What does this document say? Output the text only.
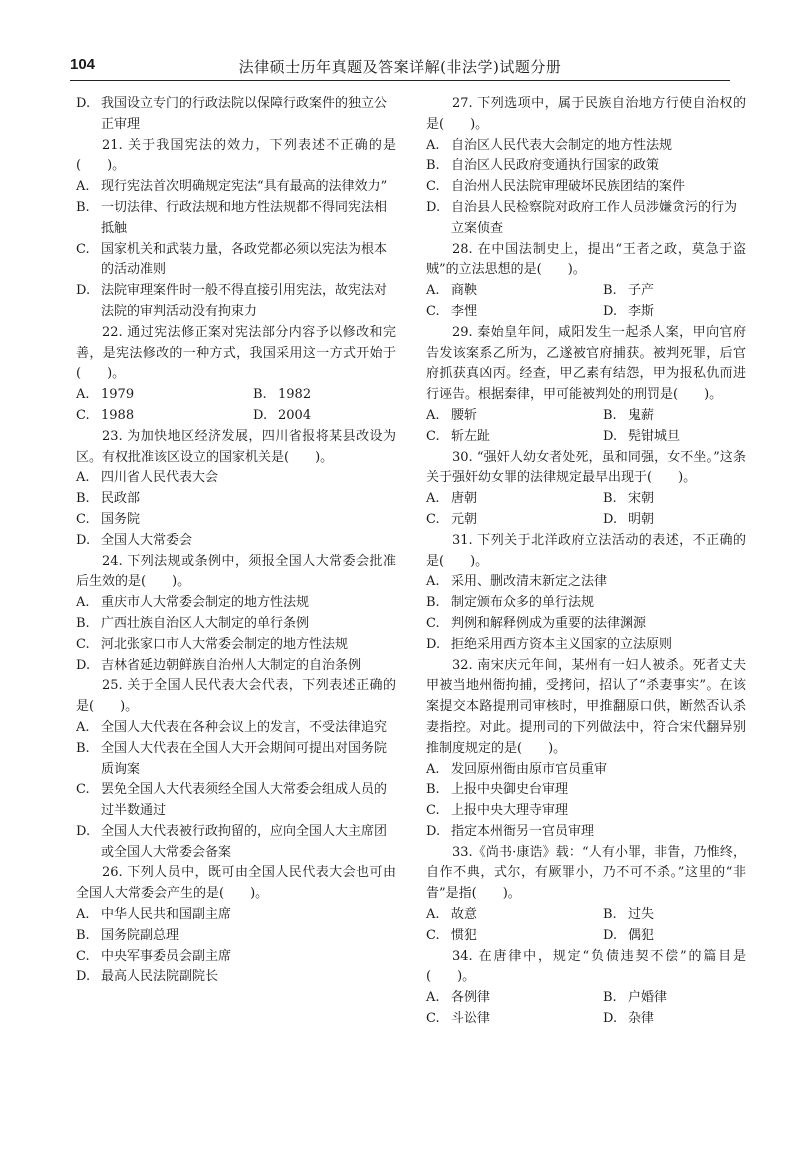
104	法律硕士历年真题及答案详解(非法学)试题分册

D. 我国设立专门的行政法院以保障行政案件的独立公正审理

21. 关于我国宪法的效力，下列表述不正确的是(　　)。

A. 现行宪法首次明确规定宪法“具有最高的法律效力”

B. 一切法律、行政法规和地方性法规都不得同宪法相抵触

C. 国家机关和武装力量，各政党都必须以宪法为根本的活动准则

D. 法院审理案件时一般不得直接引用宪法，故宪法对法院的审判活动没有拘束力

22. 通过宪法修正案对宪法部分内容予以修改和完善，是宪法修改的一种方式，我国采用这一方式开始于(　　)。

A. 1979	B. 1982

C. 1988	D. 2004

23. 为加快地区经济发展，四川省报将某县改设为区。有权批准该区设立的国家机关是(　　)。

A. 四川省人民代表大会

B. 民政部

C. 国务院

D. 全国人大常委会

24. 下列法规或条例中，须报全国人大常委会批准后生效的是(　　)。

A. 重庆市人大常委会制定的地方性法规

B. 广西壮族自治区人大制定的单行条例

C. 河北张家口市人大常委会制定的地方性法规

D. 吉林省延边朝鲜族自治州人大制定的自治条例

25. 关于全国人民代表大会代表，下列表述正确的是(　　)。

A. 全国人大代表在各种会议上的发言，不受法律追究

B. 全国人大代表在全国人大开会期间可提出对国务院质询案

C. 罢免全国人大代表须经全国人大常委会组成人员的过半数通过

D. 全国人大代表被行政拘留的，应向全国人大主席团或全国人大常委会备案

26. 下列人员中，既可由全国人民代表大会也可由全国人大常委会产生的是(　　)。

A. 中华人民共和国副主席

B. 国务院副总理

C. 中央军事委员会副主席

D. 最高人民法院副院长

27. 下列选项中，属于民族自治地方行使自治权的是(　　)。

A. 自治区人民代表大会制定的地方性法规

B. 自治区人民政府变通执行国家的政策

C. 自治州人民法院审理破坏民族团结的案件

D. 自治县人民检察院对政府工作人员涉嫌贪污的行为立案侦查

28. 在中国法制史上，提出“王者之政，莫急于盗贼”的立法思想的是(　　)。

A. 商鞅	B. 子产

C. 李悝	D. 李斯

29. 秦始皇年间，咸阳发生一起杀人案，甲向官府告发该案系乙所为，乙遂被官府捕获。被判死罪，后官府抓获真凶丙。经查，甲乙素有结怨，甲为报私仇而进行诬告。根据秦律，甲可能被判处的刑罚是(　　)。

A. 腰斩	B. 鬼薪

C. 斩左趾	D. 髡钳城旦

30. “强奸人幼女者处死，虽和同强，女不坐。”这条关于强奸幼女罪的法律规定最早出现于(　　)。

A. 唐朝	B. 宋朝

C. 元朝	D. 明朝

31. 下列关于北洋政府立法活动的表述，不正确的是(　　)。

A. 采用、删改清末新定之法律

B. 制定颁布众多的单行法规

C. 判例和解释例成为重要的法律渊源

D. 拒绝采用西方资本主义国家的立法原则

32. 南宋庆元年间，某州有一妇人被杀。死者丈夫甲被当地州衙拘捕，受拷问，招认了“杀妻事实”。在该案提交本路提刑司审核时，甲推翻原口供，断然否认杀妻指控。对此。提刑司的下列做法中，符合宋代翻异别推制度规定的是(　　)。

A. 发回原州衙由原市官员重审

B. 上报中央御史台审理

C. 上报中央大理寺审理

D. 指定本州衙另一官员审理

33.《尚书·康诰》载：“人有小罪，非眚，乃惟终，自作不典，式尔，有厥罪小，乃不可不杀。”这里的“非眚”是指(　　)。

A. 故意	B. 过失

C. 惯犯	D. 偶犯

34. 在唐律中，规定“负债违契不偿”的篇目是(　　)。

A. 各例律	B. 户婚律

C. 斗讼律	D. 杂律
